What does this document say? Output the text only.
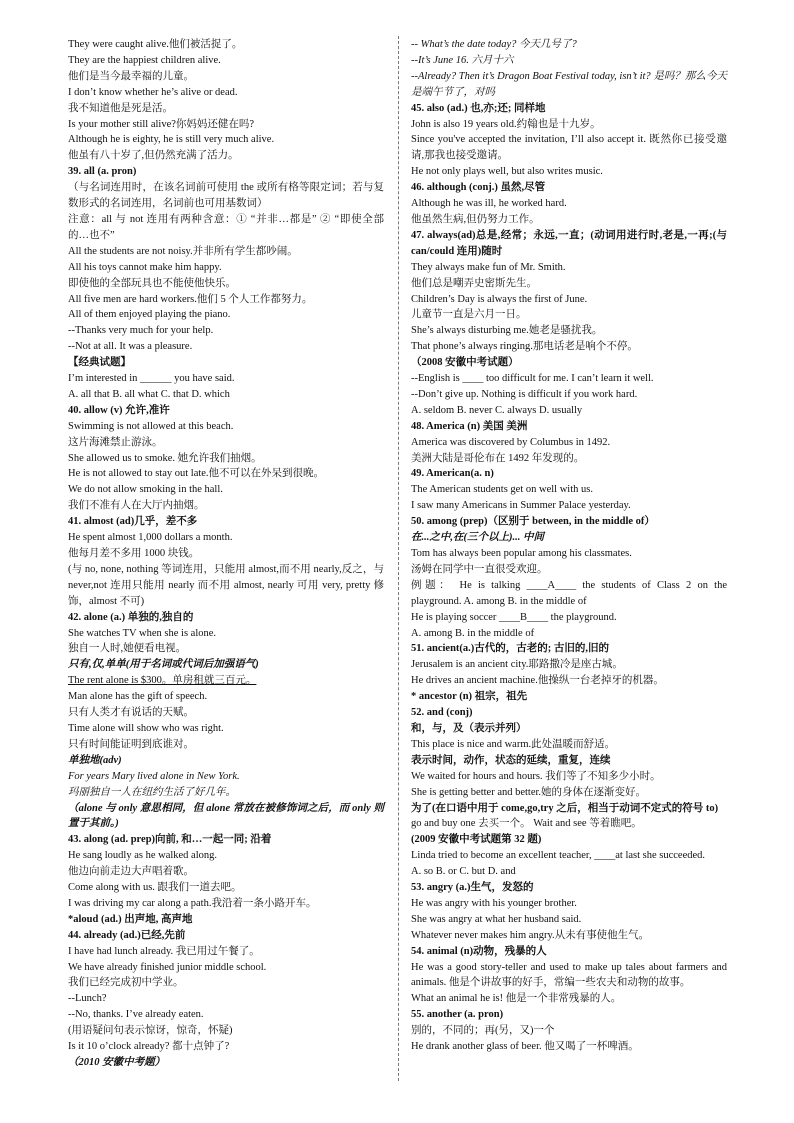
They were caught alive.他们被活捉了。
They are the happiest children alive.
他们是当今最幸福的儿童。
I don’t know whether he’s alive or dead.
我不知道他是死是活。
Is your mother still alive?你妈妈还健在吗?
Although he is eighty, he is still very much alive.
他虽有八十岁了,但仍然充满了活力。
39. all (a. pron)
（与名词连用时，在该名词前可使用 the 或所有格等限定词；若与复数形式的名词连用，名词前也可用基数词）
注意：all 与 not 连用有两种含意：① “并非…都是” ② “即使全部的…也不”
All the students are not noisy.并非所有学生都吵闹。
All his toys cannot make him happy.
即使他的全部玩具也不能使他快乐。
All five men are hard workers.他们 5 个人工作都努力。
All of them enjoyed playing the piano.
--Thanks very much for your help.
--Not at all. It was a pleasure.
【经典试题】
I’m interested in ______ you have said.
A. all that B. all what C. that D. which
40. allow (v) 允许,准许
Swimming is not allowed at this beach.
这片海滩禁止游泳。
She allowed us to smoke. 她允许我们抽烟。
He is not allowed to stay out late.他不可以在外呆到很晚。
We do not allow smoking in the hall.
我们不准有人在大厅内抽烟。
41. almost (ad)几乎，差不多
He spent almost 1,000 dollars a month.
他每月差不多用 1000 块钱。
(与 no, none, nothing 等词连用，只能用 almost,而不用 nearly,反之，与 never,not 连用只能用 nearly 而不用 almost, nearly 可用 very, pretty 修饰，almost 不可)
42. alone (a.) 单独的,独自的
She watches TV when she is alone.
独自一人时,她便看电视。
只有,仅,单单(用于名词或代词后加强语气)
The rent alone is $300。单房租就三百元。
Man alone has the gift of speech.
只有人类才有说话的天赋。
Time alone will show who was right.
只有时间能证明到底谁对。
单独地(adv)
For years Mary lived alone in New York.
玛丽独自一人在纽约生活了好几年。
（alone 与 only 意思相同，但 alone 常放在被修饰词之后，而 only 则置于其前。)
43. along (ad. prep)向前, 和…一起一同; 沿着
He sang loudly as he walked along.
他边向前走边大声唱着歌。
Come along with us. 跟我们一道去吧。
I was driving my car along a path.我沿着一条小路开车。
*aloud (ad.) 出声地, 高声地
44. already (ad.)已经,先前
I have had lunch already. 我已用过午餐了。
We have already finished junior middle school.
我们已经完成初中学业。
--Lunch?
--No, thanks. I’ve already eaten.
(用语疑问句表示惊讶，惊奇，怀疑)
Is it 10 o’clock already? 都十点钟了?
（2010 安徽中考题）
-- What’s the date today? 今天几号了?
--It’s June 16. 六月十六
--Already? Then it’s Dragon Boat Festival today, isn’t it? 是吗？那么今天是端午节了，对吗
45. also (ad.) 也,亦;还; 同样地
John is also 19 years old.约翰也是十九岁。
Since you've accepted the invitation, I’ll also accept it. 既然你已接受邀请,那我也接受邀请。
He not only plays well, but also writes music.
46. although (conj.) 虽然,尽管
Although he was ill, he worked hard.
他虽然生病,但仍努力工作。
47. always(ad)总是,经常；永远,一直；(动词用进行时,老是,一再;(与 can/could 连用)随时
They always make fun of Mr. Smith.
他们总是嘲弄史密斯先生。
Children’s Day is always the first of June.
儿童节一直是六月一日。
She’s always disturbing me.她老是骚扰我。
That phone’s always ringing.那电话老是响个不停。
（2008 安徽中考试题）
--English is ____ too difficult for me. I can’t learn it well.
--Don’t give up. Nothing is difficult if you work hard.
A. seldom B. never C. always D. usually
48. America (n) 美国 美洲
America was discovered by Columbus in 1492.
美洲大陆是哥伦布在 1492 年发现的。
49. American(a. n)
The American students get on well with us.
I saw many Americans in Summer Palace yesterday.
50. among (prep)（区别于 between, in the middle of）
在...之中,在(三个以上)... 中间
Tom has always been popular among his classmates.
汤姆在同学中一直很受欢迎。
例题： He is talking ____A____ the students of Class 2 on the playground. A. among B. in the middle of
He is playing soccer ____B____ the playground.
A. among B. in the middle of
51. ancient(a.)古代的，古老的; 古旧的,旧的
Jerusalem is an ancient city.耶路撒冷是座古城。
He drives an ancient machine.他操纵一台老掉牙的机器。
* ancestor (n) 祖宗，祖先
52. and (conj)
和，与，及（表示并列）
This place is nice and warm.此处温暖而舒适。
表示时间，动作，状态的延续，重复，连续
We waited for hours and hours. 我们等了不知多少小时。
She is getting better and better.她的身体在逐渐变好。
为了(在口语中用于 come,go,try 之后，相当于动词不定式的符号 to)
go and buy one 去买一个。 Wait and see 等着瞧吧。
(2009 安徽中考试题第 32 题)
Linda tried to become an excellent teacher, ____at last she succeeded.
A. so B. or C. but D. and
53. angry (a.)生气，发怒的
He was angry with his younger brother.
She was angry at what her husband said.
Whatever never makes him angry.从未有事使他生气。
54. animal (n)动物，残暴的人
He was a good story-teller and used to make up tales about farmers and animals. 他是个讲故事的好手，常编一些农夫和动物的故事。
What an animal he is! 他是一个非常残暴的人。
55. another (a. pron)
别的，不同的；再(另，又)一个
He drank another glass of beer. 他又喝了一杯啤酒。
